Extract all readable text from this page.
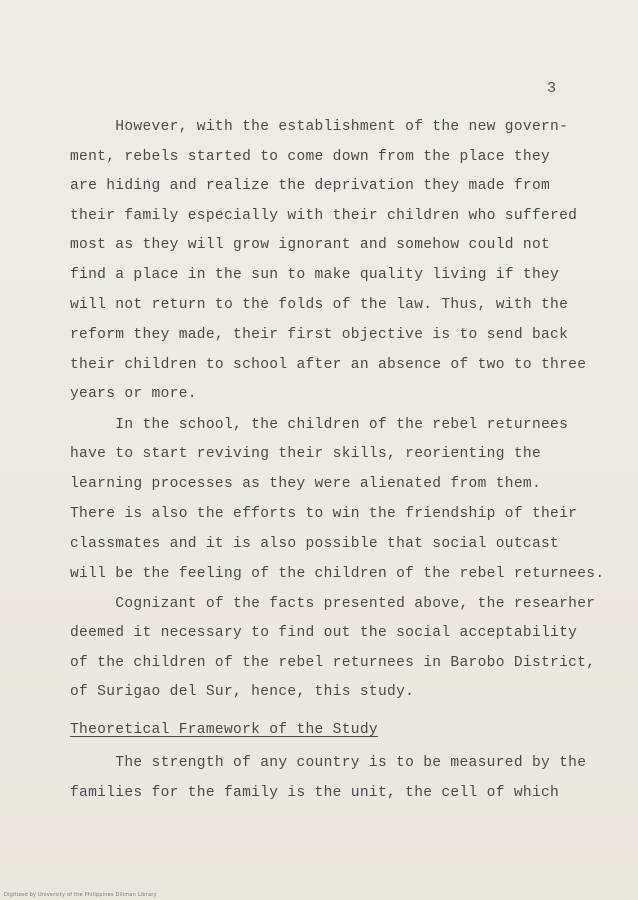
3
However, with the establishment of the new govern-
ment, rebels started to come down from the place they
are hiding and realize the deprivation they made from
their family especially with their children who suffered
most as they will grow ignorant and somehow could not
find a place in the sun to make quality living if they
will not return to the folds of the law. Thus, with the
reform they made, their first objective is to send back
their children to school after an absence of two to three
years or more.
In the school, the children of the rebel returnees
have to start reviving their skills, reorienting the
learning processes as they were alienated from them.
There is also the efforts to win the friendship of their
classmates and it is also possible that social outcast
will be the feeling of the children of the rebel returnees.
Cognizant of the facts presented above, the researher
deemed it necessary to find out the social acceptability
of the children of the rebel returnees in Barobo District,
of Surigao del Sur, hence, this study.
Theoretical Framework of the Study
The strength of any country is to be measured by the
families for the family is the unit, the cell of which
Digitized by University of the Philippines Diliman Library
